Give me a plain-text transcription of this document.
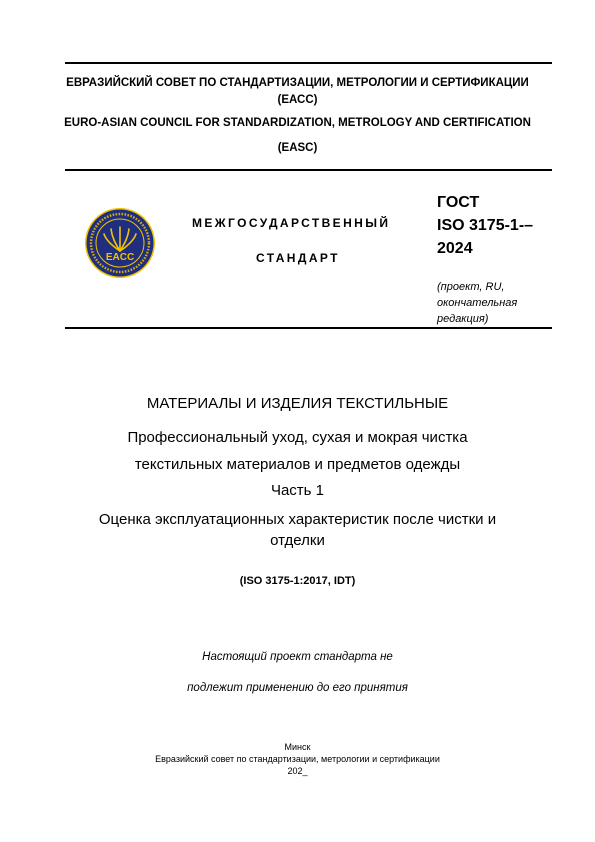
ЕВРАЗИЙСКИЙ СОВЕТ ПО СТАНДАРТИЗАЦИИ, МЕТРОЛОГИИ И СЕРТИФИКАЦИИ
(ЕАСС)
EURO-ASIAN COUNCIL FOR STANDARDIZATION, METROLOGY AND CERTIFICATION
(EASC)
EACC
МЕЖГОСУДАРСТВЕННЫЙ
СТАНДАРТ
ГОСТ
ISO 3175-1-–
2024
(проект, RU,
окончательная
редакция)
МАТЕРИАЛЫ И ИЗДЕЛИЯ ТЕКСТИЛЬНЫЕ
Профессиональный уход, сухая и мокрая чистка
текстильных материалов и предметов одежды
Часть 1
Оценка эксплуатационных характеристик после чистки и
отделки
(ISO 3175-1:2017, IDT)
Настоящий проект стандарта не
подлежит применению до его принятия
Минск
Евразийский совет по стандартизации, метрологии и сертификации
202_
